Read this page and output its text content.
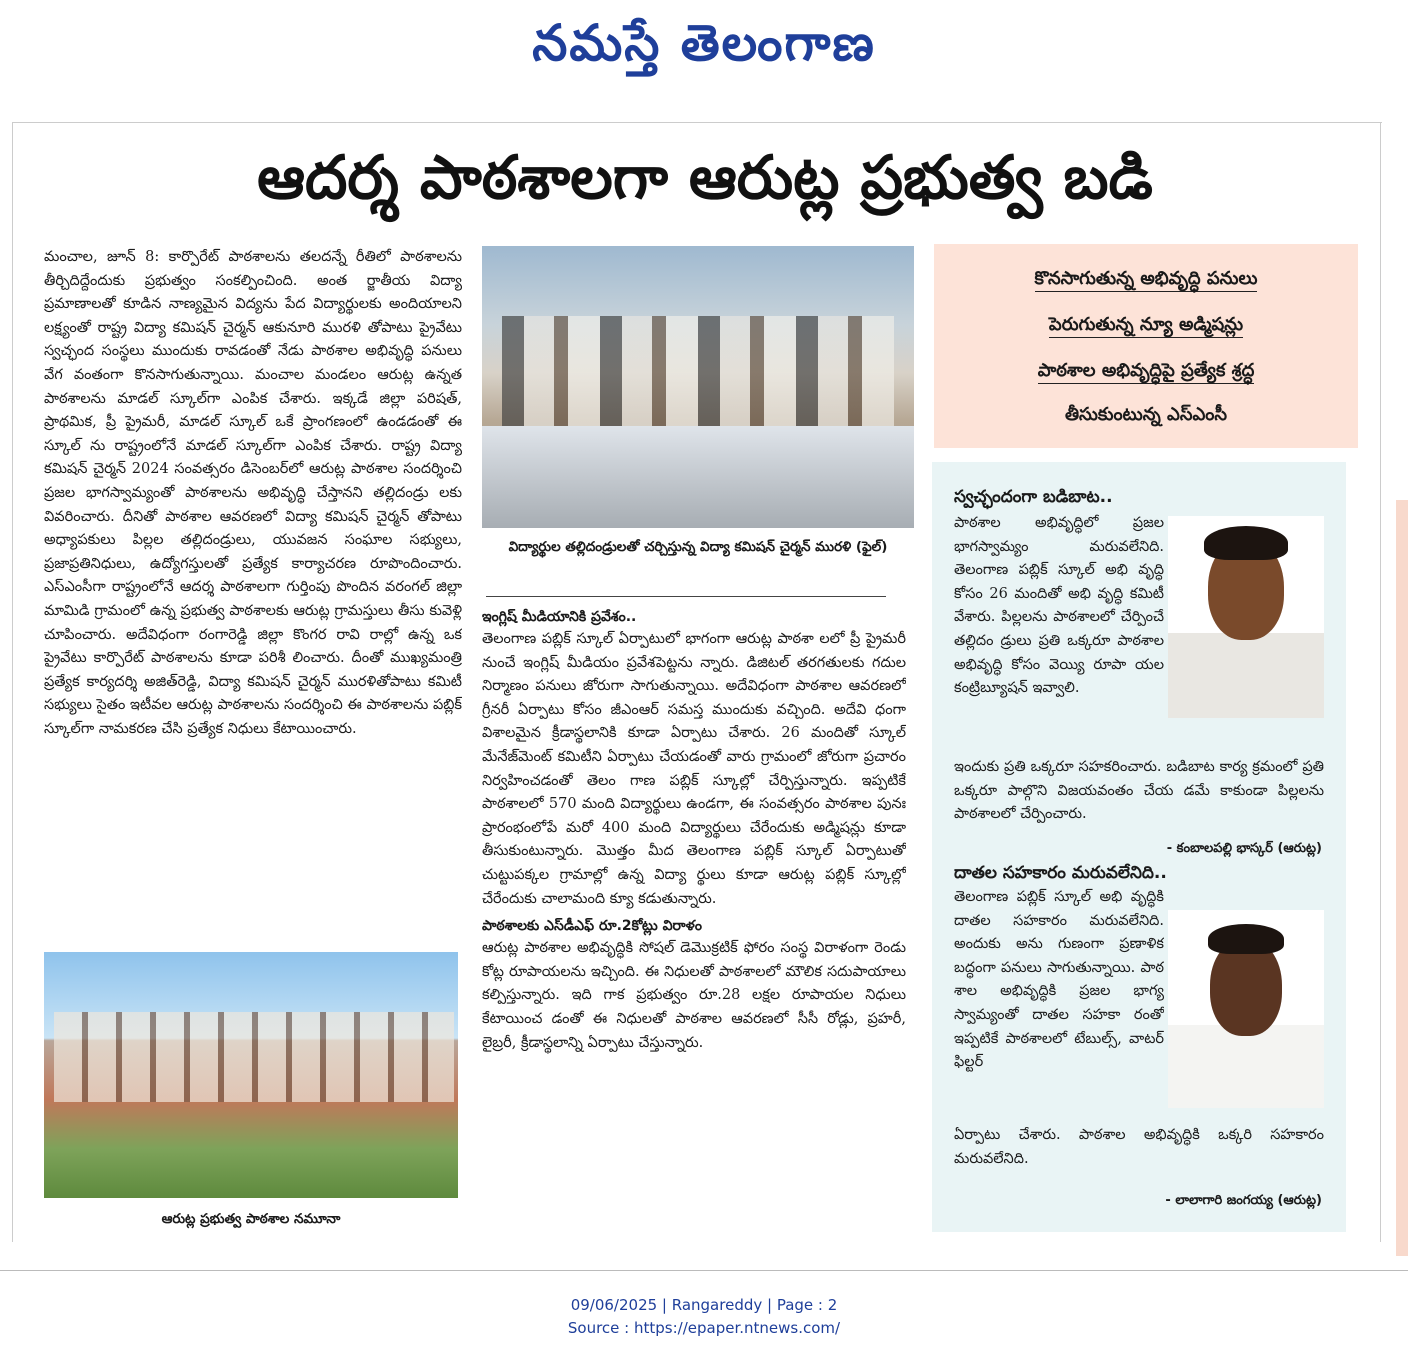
నమస్తే తెలంగాణ
ఆదర్శ పాఠశాలగా ఆరుట్ల ప్రభుత్వ బడి

మంచాల, జూన్ 8: కార్పొరేట్ పాఠశాలను తలదన్నే రీతిలో పాఠశాలను తీర్చిదిద్దేందుకు ప్రభుత్వం సంకల్పించింది. అంత ర్జాతీయ విద్యా ప్రమాణాలతో కూడిన నాణ్యమైన విద్యను పేద విద్యార్థులకు అందియాలని లక్ష్యంతో రాష్ట్ర విద్యా కమిషన్ చైర్మన్ ఆకునూరి మురళి తోపాటు ప్రైవేటు స్వచ్ఛంద సంస్థలు ముందుకు రావడంతో నేడు పాఠశాల అభివృద్ధి పనులు వేగ వంతంగా కొనసాగుతున్నాయి. మంచాల మండలం ఆరుట్ల ఉన్నత పాఠశాలను మాడల్ స్కూల్‌గా ఎంపిక చేశారు. ఇక్కడే జిల్లా పరిషత్, ప్రాథమిక, ప్రీ ప్రైమరీ, మాడల్ స్కూల్ ఒకే ప్రాంగణంలో ఉండడంతో ఈ స్కూల్ ను రాష్ట్రంలోనే మాడల్ స్కూల్‌గా ఎంపిక చేశారు. రాష్ట్ర విద్యా కమిషన్ చైర్మన్ 2024 సంవత్సరం డిసెంబర్‌లో ఆరుట్ల పాఠశాల సందర్శించి ప్రజల భాగస్వామ్యంతో పాఠశాలను అభివృద్ధి చేస్తానని తల్లిదండ్రు లకు వివరించారు. దీనితో పాఠశాల ఆవరణలో విద్యా కమిషన్ చైర్మన్ తోపాటు అధ్యాపకులు పిల్లల తల్లిదండ్రులు, యువజన సంఘాల సభ్యులు, ప్రజాప్రతినిధులు, ఉద్యోగస్తులతో ప్రత్యేక కార్యాచరణ రూపొందించారు. ఎస్ఎంసీగా రాష్ట్రంలోనే ఆదర్శ పాఠశాలగా గుర్తింపు పొందిన వరంగల్ జిల్లా మామిడి గ్రామంలో ఉన్న ప్రభుత్వ పాఠశాలకు ఆరుట్ల గ్రామస్తులు తీసు కువెళ్లి చూపించారు. అదేవిధంగా రంగారెడ్డి జిల్లా కొంగర రావి రాల్లో ఉన్న ఒక ప్రైవేటు కార్పొరేట్ పాఠశాలను కూడా పరిశీ లించారు. దీంతో ముఖ్యమంత్రి ప్రత్యేక కార్యదర్శి అజిత్‌రెడ్డి, విద్యా కమిషన్ చైర్మన్ మురళితోపాటు కమిటీ సభ్యులు సైతం ఇటీవల ఆరుట్ల పాఠశాలను సందర్శించి ఈ పాఠశాలను పబ్లిక్ స్కూల్‌గా నామకరణ చేసి ప్రత్యేక నిధులు కేటాయించారు.

విద్యార్థుల తల్లిదండ్రులతో చర్చిస్తున్న విద్యా కమిషన్ చైర్మన్ మురళి (ఫైల్)

ఇంగ్లిష్ మీడియానికి ప్రవేశం..

తెలంగాణ పబ్లిక్ స్కూల్ ఏర్పాటులో భాగంగా ఆరుట్ల పాఠశా లలో ప్రీ ప్రైమరీ నుంచే ఇంగ్లిష్ మీడియం ప్రవేశపెట్టను న్నారు. డిజిటల్ తరగతులకు గదుల నిర్మాణం పనులు జోరుగా సాగుతున్నాయి. అదేవిధంగా పాఠశాల ఆవరణలో గ్రీనరీ ఏర్పాటు కోసం జీఎంఆర్ సమస్త ముందుకు వచ్చింది. అదేవి ధంగా విశాలమైన క్రీడాస్థలానికి కూడా ఏర్పాటు చేశారు. 26 మందితో స్కూల్ మేనేజ్‌మెంట్ కమిటీని ఏర్పాటు చేయడంతో వారు గ్రామంలో జోరుగా ప్రచారం నిర్వహించడంతో తెలం గాణ పబ్లిక్ స్కూల్లో చేర్పిస్తున్నారు. ఇప్పటికే పాఠశాలలో 570 మంది విద్యార్థులు ఉండగా, ఈ సంవత్సరం పాఠశాల పునః ప్రారంభంలోపే మరో 400 మంది విద్యార్థులు చేరేందుకు అడ్మిషన్లు కూడా తీసుకుంటున్నారు. మొత్తం మీద తెలంగాణ పబ్లిక్ స్కూల్ ఏర్పాటుతో చుట్టుపక్కల గ్రామాల్లో ఉన్న విద్యా ర్థులు కూడా ఆరుట్ల పబ్లిక్ స్కూల్లో చేరేందుకు చాలామంది క్యూ కడుతున్నారు.

పాఠశాలకు ఎస్‌డీఎఫ్ రూ.2కోట్లు విరాళం

ఆరుట్ల పాఠశాల అభివృద్ధికి సోషల్ డెమొక్రటిక్ ఫోరం సంస్థ విరాళంగా రెండు కోట్ల రూపాయలను ఇచ్చింది. ఈ నిధులతో పాఠశాలలో మౌలిక సదుపాయాలు కల్పిస్తున్నారు. ఇది గాక ప్రభుత్వం రూ.28 లక్షల రూపాయల నిధులు కేటాయించ డంతో ఈ నిధులతో పాఠశాల ఆవరణలో సీసీ రోడ్లు, ప్రహరీ, లైబ్రరీ, క్రీడాస్థలాన్ని ఏర్పాటు చేస్తున్నారు.

ఆరుట్ల ప్రభుత్వ పాఠశాల నమూనా
కొనసాగుతున్న అభివృద్ధి పనులు
పెరుగుతున్న న్యూ అడ్మిషన్లు
పాఠశాల అభివృద్ధిపై ప్రత్యేక శ్రద్ధ
తీసుకుంటున్న ఎస్ఎంసీ
స్వచ్ఛందంగా బడిబాట..
పాఠశాల అభివృద్ధిలో ప్రజల భాగస్వామ్యం మరువలేనిది. తెలంగాణ పబ్లిక్ స్కూల్ అభి వృద్ధి కోసం 26 మందితో అభి వృద్ధి కమిటీ వేశారు. పిల్లలను పాఠశాలలో చేర్పించే తల్లిదం డ్రులు ప్రతి ఒక్కరూ పాఠశాల అభివృద్ధి కోసం వెయ్యి రూపా యల కంట్రిబ్యూషన్ ఇవ్వాలి.
ఇందుకు ప్రతి ఒక్కరూ సహకరించారు. బడిబాట కార్య క్రమంలో ప్రతి ఒక్కరూ పాల్గొని విజయవంతం చేయ డమే కాకుండా పిల్లలను పాఠశాలలో చేర్పించారు.
- కంబాలపల్లి భాస్కర్ (ఆరుట్ల)
దాతల సహకారం మరువలేనిది..
తెలంగాణ పబ్లిక్ స్కూల్ అభి వృద్ధికి దాతల సహకారం మరువలేనిది. అందుకు అను గుణంగా ప్రణాళిక బద్ధంగా పనులు సాగుతున్నాయి. పాఠ శాల అభివృద్ధికి ప్రజల భాగ్య స్వామ్యంతో దాతల సహకా రంతో ఇప్పటికే పాఠశాలలో టేబుల్స్, వాటర్ ఫిల్టర్
ఏర్పాటు చేశారు. పాఠశాల అభివృద్ధికి ఒక్కరి సహకారం మరువలేనిది.
- లాలాగారి జంగయ్య (ఆరుట్ల)
09/06/2025 | Rangareddy | Page : 2
Source : https://epaper.ntnews.com/
